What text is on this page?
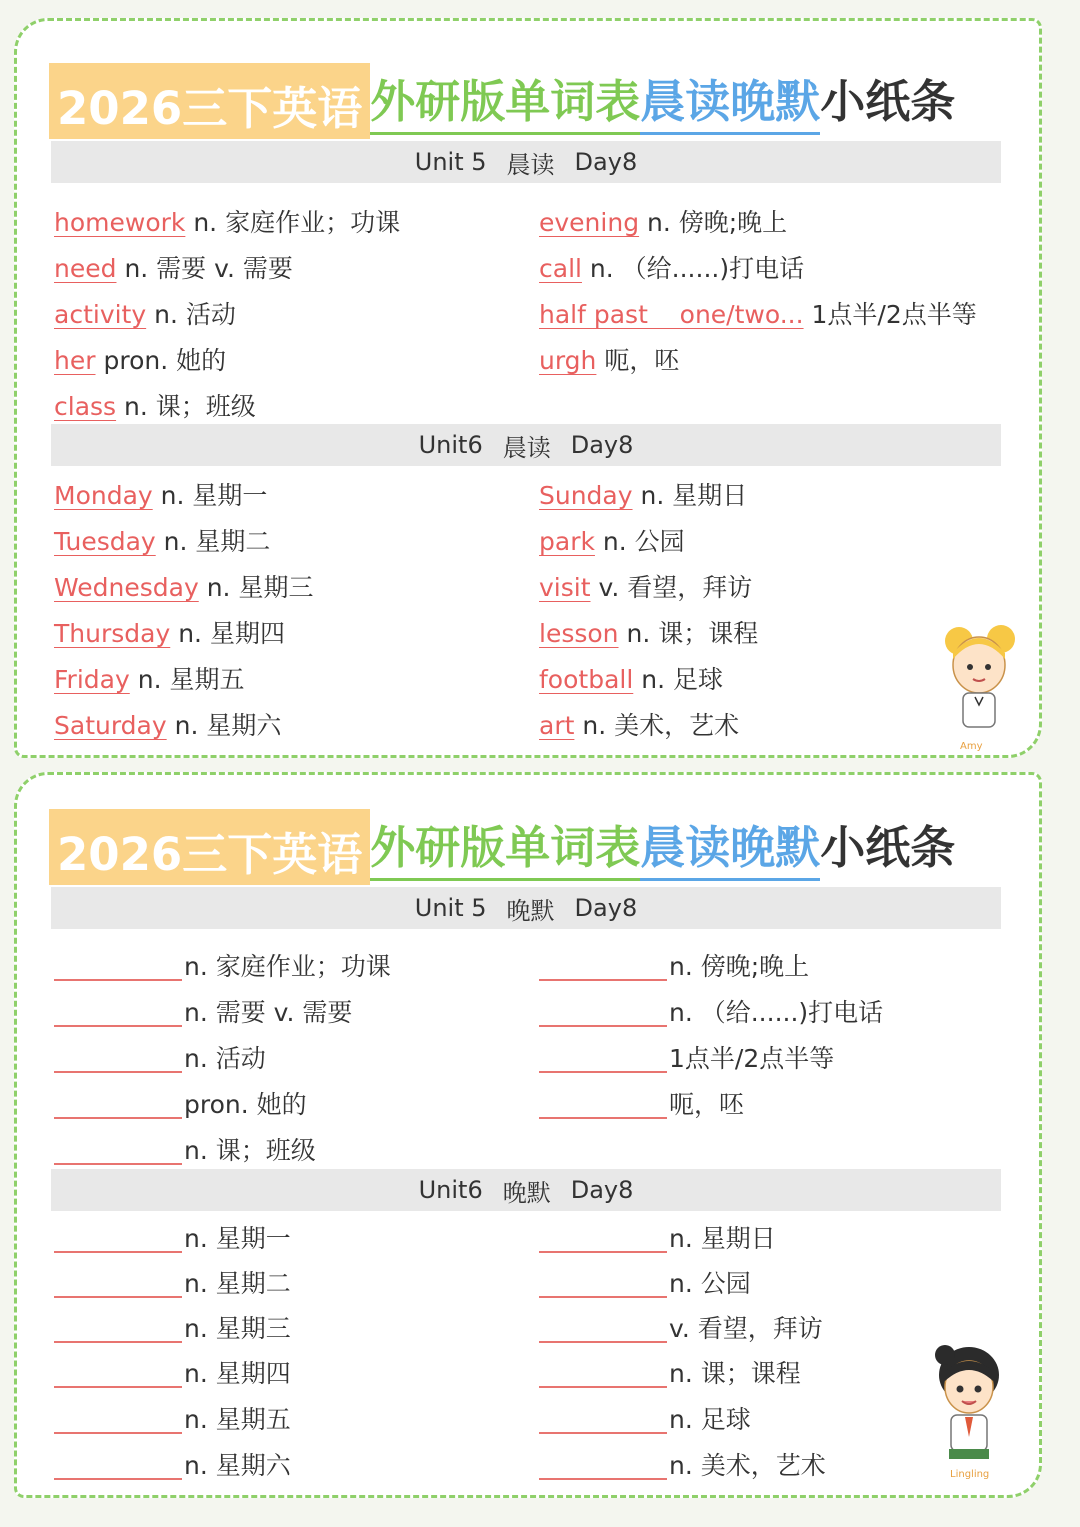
2026三下英语 外研版单词表 晨读晚默 小纸条
Unit 5 晨读 Day8
homework n. 家庭作业；功课
need n. 需要 v. 需要
activity n. 活动
her pron. 她的
class n. 课；班级
evening n. 傍晚;晚上
call n. （给......)打电话
half past    one/two... 1点半/2点半等
urgh 呃，呸
Unit6 晨读 Day8
Monday n. 星期一
Tuesday n. 星期二
Wednesday n. 星期三
Thursday n. 星期四
Friday n. 星期五
Saturday n. 星期六
Sunday n. 星期日
park n. 公园
visit v. 看望，拜访
lesson n. 课；课程
football n. 足球
art n. 美术，艺术
Amy
2026三下英语 外研版单词表 晨读晚默 小纸条
Unit 5 晚默 Day8
n. 家庭作业；功课
n. 需要 v. 需要
n. 活动
pron. 她的
n. 课；班级
n. 傍晚;晚上
n. （给......)打电话
1点半/2点半等
呃，呸
Unit6 晚默 Day8
n. 星期一
n. 星期二
n. 星期三
n. 星期四
n. 星期五
n. 星期六
n. 星期日
n. 公园
v. 看望，拜访
n. 课；课程
n. 足球
n. 美术，艺术	Lingling
